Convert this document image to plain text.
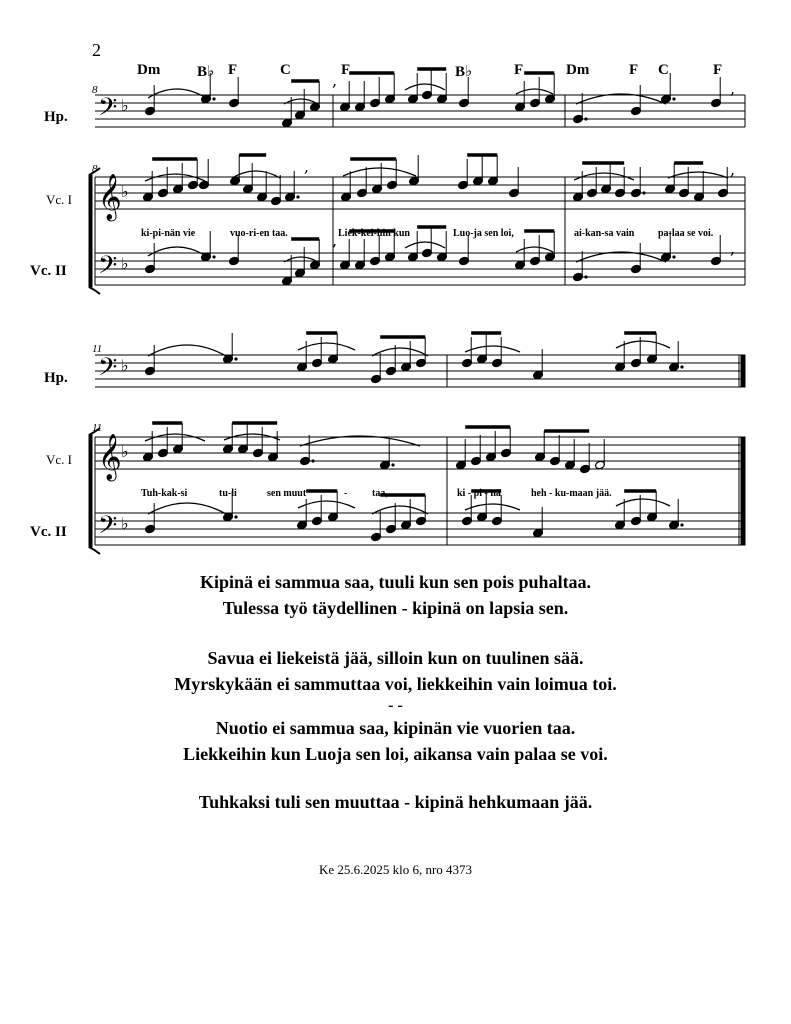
2
Dm B♭ F	C	F	B♭	F	Dm	F C	F
8
8
11
11
Hp.
Vc. I
Vc. II
Hp.
Vc. I
Vc. II
ki-pi-nän vie	vuo-ri-en taa.	Liek-kei-hin kun	Luo-ja sen loi,	ai-kan-sa vain pa-laa se voi.
Tuh-kak-si	tu-li	sen muut	- taa,	ki - pi - nä	heh - ku-maan jää.
𝄢 ♭
𝄞 ♭
𝄢 ♭
𝄢 ♭
𝄞 ♭
𝄢 ♭
,	,
,	,
,	,
Kipinä ei sammua saa, tuuli kun sen pois puhaltaa.
Tulessa työ täydellinen - kipinä on lapsia sen.
Savua ei liekeistä jää, silloin kun on tuulinen sää.
Myrskykään ei sammuttaa voi, liekkeihin vain loimua toi.
- -
Nuotio ei sammua saa, kipinän vie vuorien taa.
Liekkeihin kun Luoja sen loi, aikansa vain palaa se voi.
Tuhkaksi tuli sen muuttaa - kipinä hehkumaan jää.
Ke 25.6.2025 klo 6, nro 4373
